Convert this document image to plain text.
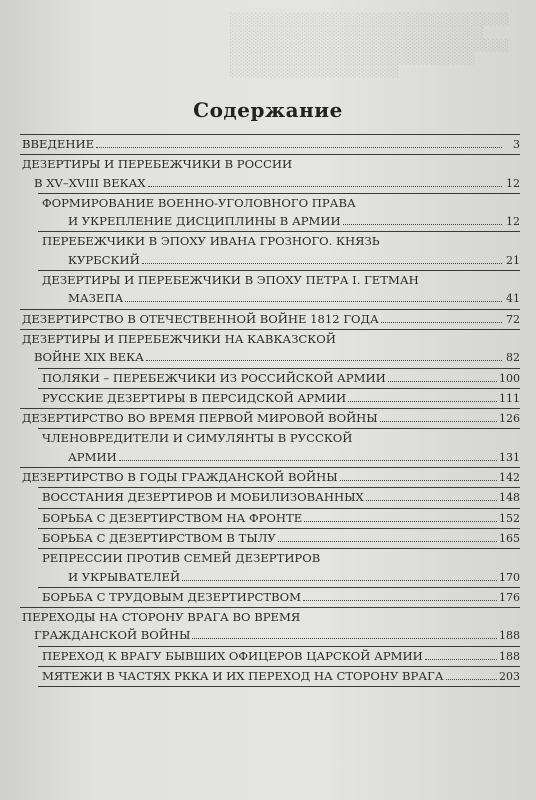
░░░░░░░░░░░░░░░░░░░░░░░░░░░░░░░░░
░░░░░░░░░░░░░░░░░░░░░░░░░░░░░░
░░░░░░░░░░░░░░░░░░░░░░░░░░░░░░░░░
░░░░░░░░░░░░░░░░░░░░░░░░░░░░░
░░░░░░░░░░░░░░░░░░░░

Содержание
ВВЕДЕНИЕ	3
ДЕЗЕРТИРЫ И ПЕРЕБЕЖЧИКИ В РОССИИ
В XV–XVIII ВЕКАХ	12
ФОРМИРОВАНИЕ ВОЕННО-УГОЛОВНОГО ПРАВА
И УКРЕПЛЕНИЕ ДИСЦИПЛИНЫ В АРМИИ	12
ПЕРЕБЕЖЧИКИ В ЭПОХУ ИВАНА ГРОЗНОГО. КНЯЗЬ
КУРБСКИЙ	21
ДЕЗЕРТИРЫ И ПЕРЕБЕЖЧИКИ В ЭПОХУ ПЕТРА I. ГЕТМАН
МАЗЕПА	41
ДЕЗЕРТИРСТВО В ОТЕЧЕСТВЕННОЙ ВОЙНЕ 1812 ГОДА	72
ДЕЗЕРТИРЫ И ПЕРЕБЕЖЧИКИ НА КАВКАЗСКОЙ
ВОЙНЕ XIX ВЕКА	82
ПОЛЯКИ – ПЕРЕБЕЖЧИКИ ИЗ РОССИЙСКОЙ АРМИИ	100
РУССКИЕ ДЕЗЕРТИРЫ В ПЕРСИДСКОЙ АРМИИ	111
ДЕЗЕРТИРСТВО ВО ВРЕМЯ ПЕРВОЙ МИРОВОЙ ВОЙНЫ	126
ЧЛЕНОВРЕДИТЕЛИ И СИМУЛЯНТЫ В РУССКОЙ
АРМИИ	131
ДЕЗЕРТИРСТВО В ГОДЫ ГРАЖДАНСКОЙ ВОЙНЫ	142
ВОССТАНИЯ ДЕЗЕРТИРОВ И МОБИЛИЗОВАННЫХ	148
БОРЬБА С ДЕЗЕРТИРСТВОМ НА ФРОНТЕ	152
БОРЬБА С ДЕЗЕРТИРСТВОМ В ТЫЛУ	165
РЕПРЕССИИ ПРОТИВ СЕМЕЙ ДЕЗЕРТИРОВ
И УКРЫВАТЕЛЕЙ	170
БОРЬБА С ТРУДОВЫМ ДЕЗЕРТИРСТВОМ	176
ПЕРЕХОДЫ НА СТОРОНУ ВРАГА ВО ВРЕМЯ
ГРАЖДАНСКОЙ ВОЙНЫ	188
ПЕРЕХОД К ВРАГУ БЫВШИХ ОФИЦЕРОВ ЦАРСКОЙ АРМИИ	188
МЯТЕЖИ В ЧАСТЯХ РККА И ИХ ПЕРЕХОД НА СТОРОНУ ВРАГА	203
